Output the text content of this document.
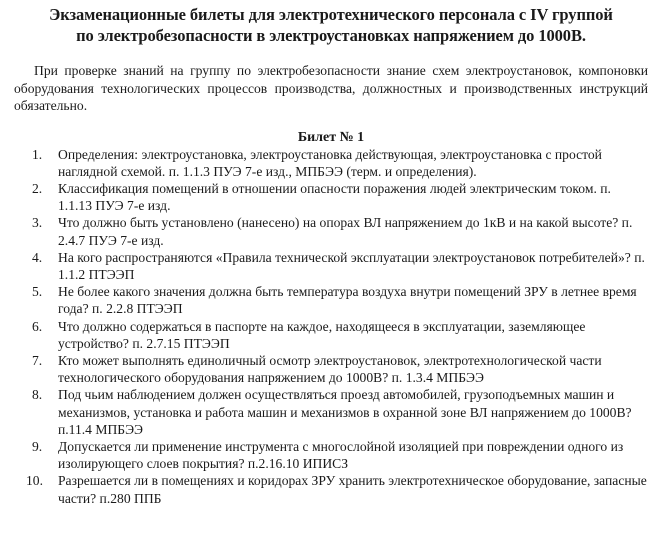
Экзаменационные билеты для электротехнического персонала с IV группой
по электробезопасности в электроустановках напряжением до 1000В.

При проверке знаний на группу по электробезопасности знание схем электроустановок, компоновки оборудования технологических процессов производства, должностных и производственных инструкций обязательно.

Билет № 1
1.	Определения: электроустановка, электроустановка действующая, электроустановка с простой наглядной схемой. п. 1.1.3 ПУЭ 7-е изд., МПБЭЭ (терм. и определения).
2.	Классификация помещений в отношении опасности поражения людей электрическим током. п. 1.1.13 ПУЭ 7-е изд.
3.	Что должно быть установлено (нанесено) на опорах ВЛ напряжением до 1кВ и на какой высоте? п. 2.4.7 ПУЭ 7-е изд.
4.	На кого распространяются «Правила технической эксплуатации электроустановок потребителей»? п. 1.1.2 ПТЭЭП
5.	Не более какого значения должна быть температура воздуха внутри помещений ЗРУ в летнее время года? п. 2.2.8 ПТЭЭП
6.	Что должно содержаться в паспорте на каждое, находящееся в эксплуатации, заземляющее устройство? п. 2.7.15 ПТЭЭП
7.	Кто может выполнять единоличный осмотр электроустановок, электротехнологической части технологического оборудования напряжением до 1000В? п. 1.3.4 МПБЭЭ
8.	Под чьим наблюдением должен осуществляться проезд автомобилей, грузоподъемных машин и механизмов, установка и работа машин и механизмов в охранной зоне ВЛ напряжением до 1000В? п.11.4 МПБЭЭ
9.	Допускается ли применение инструмента с многослойной изоляцией при повреждении одного из изолирующего слоев покрытия? п.2.16.10 ИПИСЗ
10.	Разрешается ли в помещениях и коридорах ЗРУ хранить электротехническое оборудование, запасные части? п.280 ППБ
